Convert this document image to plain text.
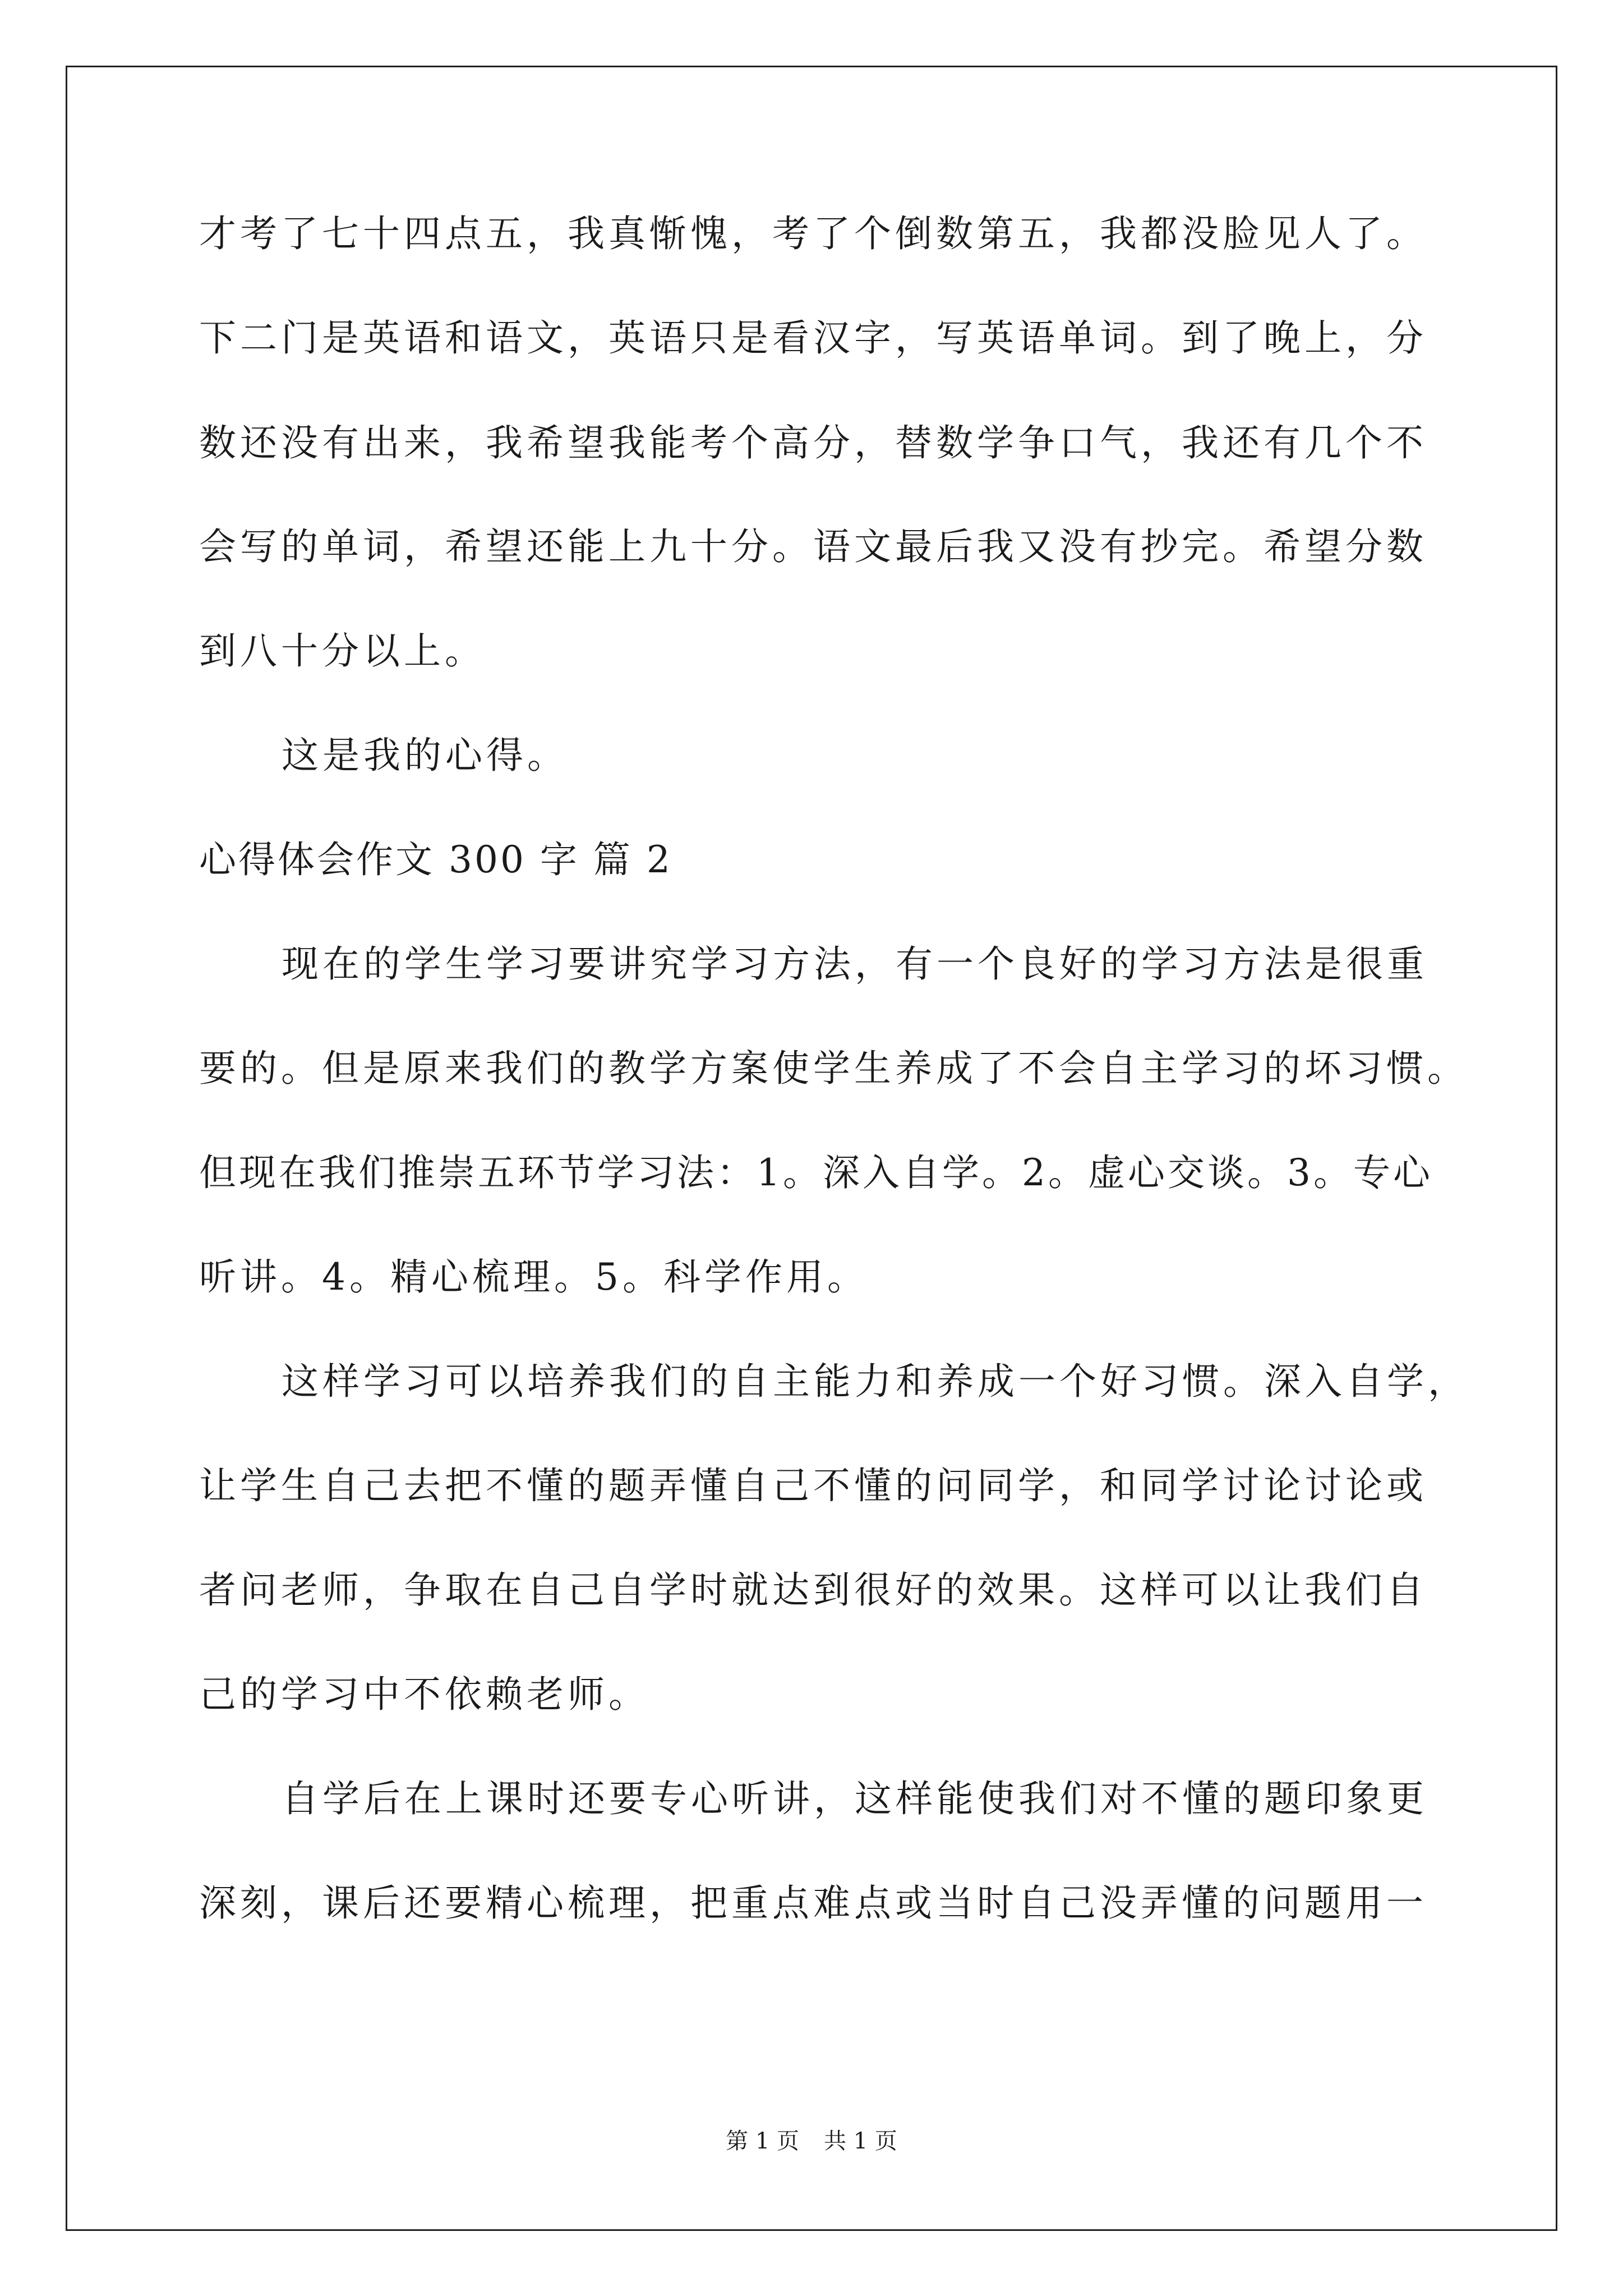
才考了七十四点五，我真惭愧，考了个倒数第五，我都没脸见人了。
下二门是英语和语文，英语只是看汉字，写英语单词。到了晚上，分
数还没有出来，我希望我能考个高分，替数学争口气，我还有几个不
会写的单词，希望还能上九十分。语文最后我又没有抄完。希望分数
到八十分以上。
这是我的心得。
心得体会作文 300 字 篇 2
现在的学生学习要讲究学习方法，有一个良好的学习方法是很重
要的。但是原来我们的教学方案使学生养成了不会自主学习的坏习惯。
但现在我们推崇五环节学习法：1。深入自学。2。虚心交谈。3。专心
听讲。4。精心梳理。5。科学作用。
这样学习可以培养我们的自主能力和养成一个好习惯。深入自学，
让学生自己去把不懂的题弄懂自己不懂的问同学，和同学讨论讨论或
者问老师，争取在自己自学时就达到很好的效果。这样可以让我们自
己的学习中不依赖老师。
自学后在上课时还要专心听讲，这样能使我们对不懂的题印象更
深刻，课后还要精心梳理，把重点难点或当时自己没弄懂的问题用一
第 1 页 共 1 页
